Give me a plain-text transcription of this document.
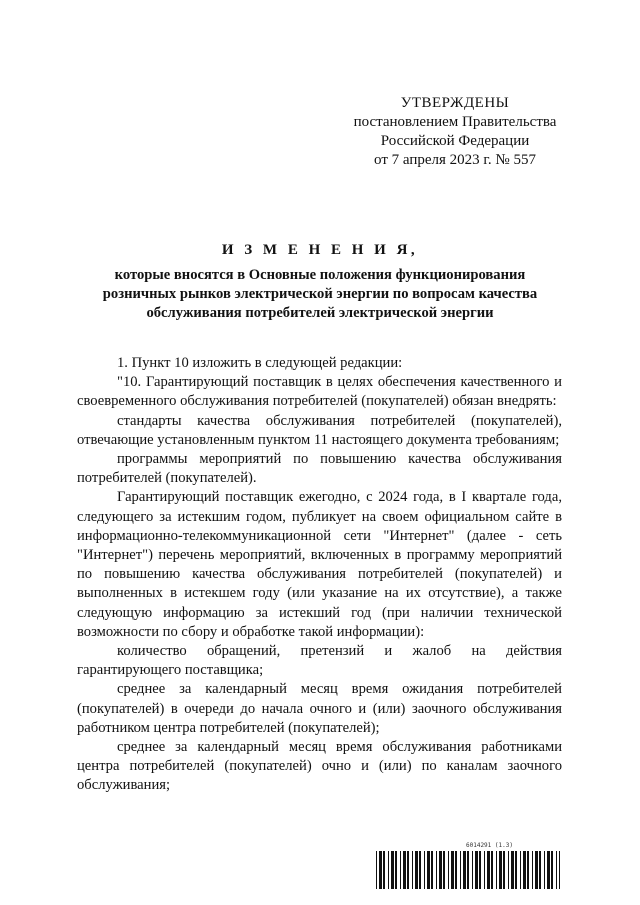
УТВЕРЖДЕНЫ
постановлением Правительства
Российской Федерации
от 7 апреля 2023 г. № 557
И З М Е Н Е Н И Я,
которые вносятся в Основные положения функционирования розничных рынков электрической энергии по вопросам качества обслуживания потребителей электрической энергии

1. Пункт 10 изложить в следующей редакции:

"10. Гарантирующий поставщик в целях обеспечения качественного и своевременного обслуживания потребителей (покупателей) обязан внедрять:

стандарты качества обслуживания потребителей (покупателей), отвечающие установленным пунктом 11 настоящего документа требованиям;

программы мероприятий по повышению качества обслуживания потребителей (покупателей).

Гарантирующий поставщик ежегодно, с 2024 года, в I квартале года, следующего за истекшим годом, публикует на своем официальном сайте в информационно-телекоммуникационной сети "Интернет" (далее - сеть "Интернет") перечень мероприятий, включенных в программу мероприятий по повышению качества обслуживания потребителей (покупателей) и выполненных в истекшем году (или указание на их отсутствие), а также следующую информацию за истекший год (при наличии технической возможности по сбору и обработке такой информации):

количество обращений, претензий и жалоб на действия гарантирующего поставщика;

среднее за календарный месяц время ожидания потребителей (покупателей) в очереди до начала очного и (или) заочного обслуживания работником центра потребителей (покупателей);

среднее за календарный месяц время обслуживания работниками центра потребителей (покупателей) очно и (или) по каналам заочного обслуживания;

6014291 (1.3)
